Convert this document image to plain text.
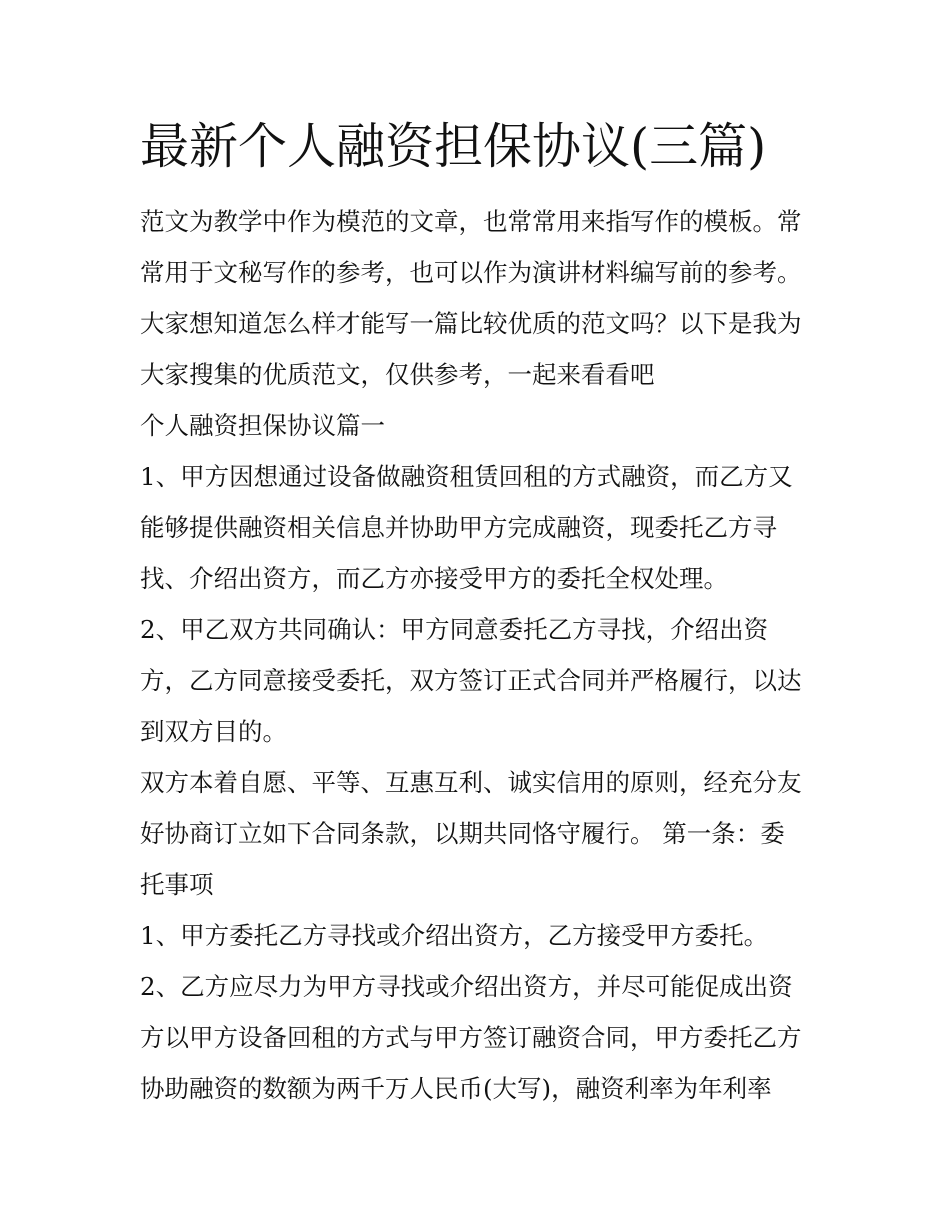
最新个人融资担保协议(三篇)

范文为教学中作为模范的文章，也常常用来指写作的模板。常

常用于文秘写作的参考，也可以作为演讲材料编写前的参考。

大家想知道怎么样才能写一篇比较优质的范文吗？以下是我为

大家搜集的优质范文，仅供参考，一起来看看吧

个人融资担保协议篇一

1、甲方因想通过设备做融资租赁回租的方式融资，而乙方又

能够提供融资相关信息并协助甲方完成融资，现委托乙方寻

找、介绍出资方，而乙方亦接受甲方的委托全权处理。

2、甲乙双方共同确认：甲方同意委托乙方寻找，介绍出资

方，乙方同意接受委托，双方签订正式合同并严格履行，以达

到双方目的。

双方本着自愿、平等、互惠互利、诚实信用的原则，经充分友

好协商订立如下合同条款，以期共同恪守履行。 第一条：委

托事项

1、甲方委托乙方寻找或介绍出资方，乙方接受甲方委托。

2、乙方应尽力为甲方寻找或介绍出资方，并尽可能促成出资

方以甲方设备回租的方式与甲方签订融资合同，甲方委托乙方

协助融资的数额为两千万人民币(大写)，融资利率为年利率
